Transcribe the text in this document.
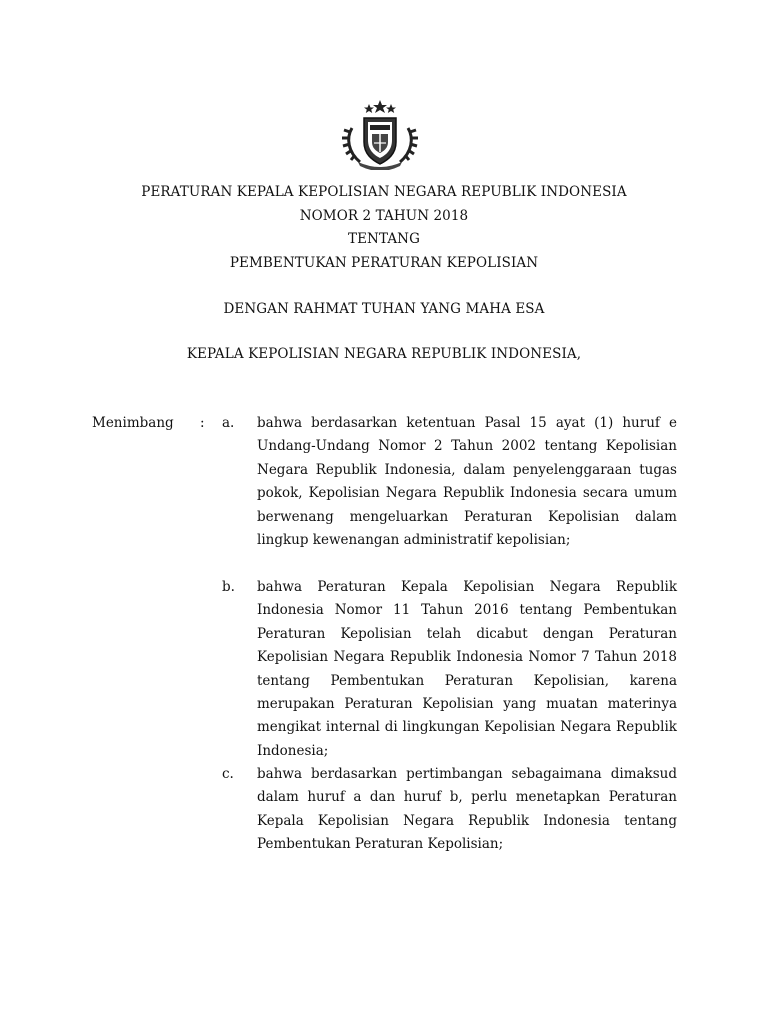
PERATURAN KEPALA KEPOLISIAN NEGARA REPUBLIK INDONESIA
NOMOR 2 TAHUN 2018
TENTANG
PEMBENTUKAN PERATURAN KEPOLISIAN
DENGAN RAHMAT TUHAN YANG MAHA ESA
KEPALA KEPOLISIAN NEGARA REPUBLIK INDONESIA,
Menimbang : a. bahwa berdasarkan ketentuan Pasal 15 ayat (1) huruf e Undang-Undang Nomor 2 Tahun 2002 tentang Kepolisian Negara Republik Indonesia, dalam penyelenggaraan tugas pokok, Kepolisian Negara Republik Indonesia secara umum berwenang mengeluarkan Peraturan Kepolisian dalam lingkup kewenangan administratif kepolisian;
b. bahwa Peraturan Kepala Kepolisian Negara Republik Indonesia Nomor 11 Tahun 2016 tentang Pembentukan Peraturan Kepolisian telah dicabut dengan Peraturan Kepolisian Negara Republik Indonesia Nomor 7 Tahun 2018 tentang Pembentukan Peraturan Kepolisian, karena merupakan Peraturan Kepolisian yang muatan materinya mengikat internal di lingkungan Kepolisian Negara Republik Indonesia;
c. bahwa berdasarkan pertimbangan sebagaimana dimaksud dalam huruf a dan huruf b, perlu menetapkan Peraturan Kepala Kepolisian Negara Republik Indonesia tentang Pembentukan Peraturan Kepolisian;
